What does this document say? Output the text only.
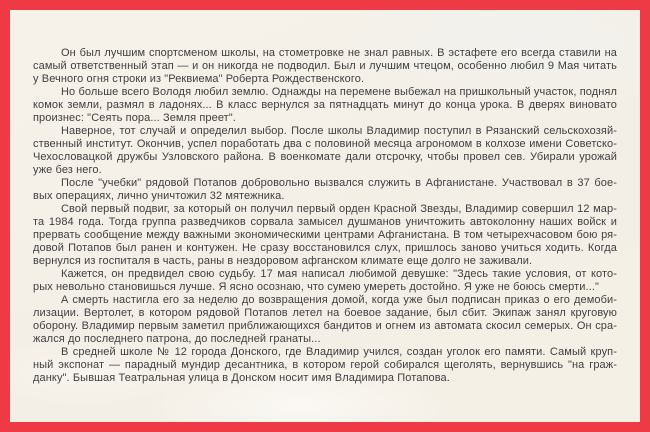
Он был лучшим спортсменом школы, на стометровке не знал равных. В эстафете его всегда ставили на
самый ответственный этап — и он никогда не подводил. Был и лучшим чтецом, особенно любил 9 Мая читать
у Вечного огня строки из "Реквиема" Роберта Рождественского.
Но больше всего Володя любил землю. Однажды на перемене выбежал на пришкольный участок, поднял
комок земли, размял в ладонях... В класс вернулся за пятнадцать минут до конца урока. В дверях виновато
произнес: "Сеять пора... Земля преет".
Наверное, тот случай и определил выбор. После школы Владимир поступил в Рязанский сельскохозяй-
ственный институт. Окончив, успел поработать два с половиной месяца агрономом в колхозе имени Советско-
Чехословацкой дружбы Узловского района. В военкомате дали отсрочку, чтобы провел сев. Убирали урожай
уже без него.
После "учебки" рядовой Потапов добровольно вызвался служить в Афганистане. Участвовал в 37 бое-
вых операциях, лично уничтожил 32 мятежника.
Свой первый подвиг, за который он получил первый орден Красной Звезды, Владимир совершил 12 мар-
та 1984 года. Тогда группа разведчиков сорвала замысел душманов уничтожить автоколонну наших войск и
прервать сообщение между важными экономическими центрами Афганистана. В том четырехчасовом бою ря-
довой Потапов был ранен и контужен. Не сразу восстановился слух, пришлось заново учиться ходить. Когда
вернулся из госпиталя в часть, раны в нездоровом афганском климате еще долго не заживали.
Кажется, он предвидел свою судьбу. 17 мая написал любимой девушке: "Здесь такие условия, от кото-
рых невольно становишься лучше. Я ясно осознаю, что сумею умереть достойно. Я уже не боюсь смерти..."
А смерть настигла его за неделю до возвращения домой, когда уже был подписан приказ о его демоби-
лизации. Вертолет, в котором рядовой Потапов летел на боевое задание, был сбит. Экипаж занял круговую
оборону. Владимир первым заметил приближающихся бандитов и огнем из автомата скосил семерых. Он сра-
жался до последнего патрона, до последней гранаты...
В средней школе № 12 города Донского, где Владимир учился, создан уголок его памяти. Самый круп-
ный экспонат — парадный мундир десантника, в котором герой собирался щеголять, вернувшись "на граж-
данку". Бывшая Театральная улица в Донском носит имя Владимира Потапова.
